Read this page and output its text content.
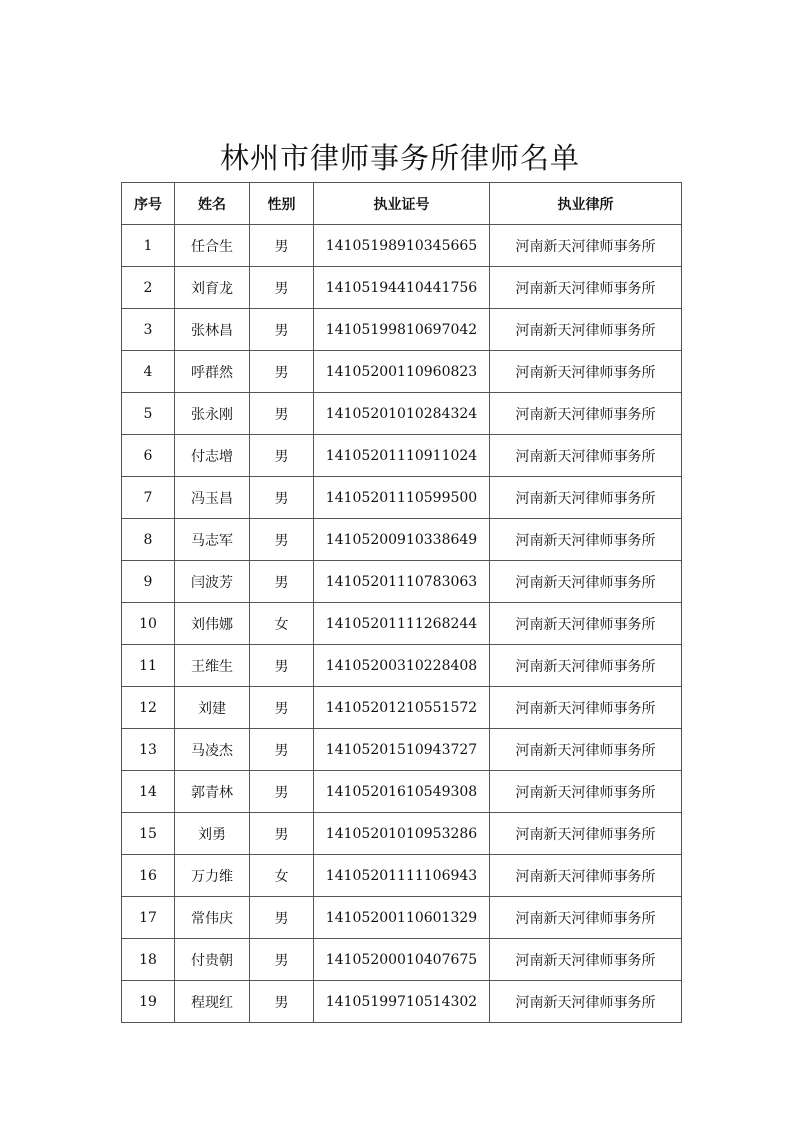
林州市律师事务所律师名单
序号	姓名	性别	执业证号	执业律所
1	任合生	男	14105198910345665	河南新天河律师事务所
2	刘育龙	男	14105194410441756	河南新天河律师事务所
3	张林昌	男	14105199810697042	河南新天河律师事务所
4	呼群然	男	14105200110960823	河南新天河律师事务所
5	张永刚	男	14105201010284324	河南新天河律师事务所
6	付志增	男	14105201110911024	河南新天河律师事务所
7	冯玉昌	男	14105201110599500	河南新天河律师事务所
8	马志军	男	14105200910338649	河南新天河律师事务所
9	闫波芳	男	14105201110783063	河南新天河律师事务所
10	刘伟娜	女	14105201111268244	河南新天河律师事务所
11	王维生	男	14105200310228408	河南新天河律师事务所
12	刘建	男	14105201210551572	河南新天河律师事务所
13	马凌杰	男	14105201510943727	河南新天河律师事务所
14	郭青林	男	14105201610549308	河南新天河律师事务所
15	刘勇	男	14105201010953286	河南新天河律师事务所
16	万力维	女	14105201111106943	河南新天河律师事务所
17	常伟庆	男	14105200110601329	河南新天河律师事务所
18	付贵朝	男	14105200010407675	河南新天河律师事务所
19	程现红	男	14105199710514302	河南新天河律师事务所
